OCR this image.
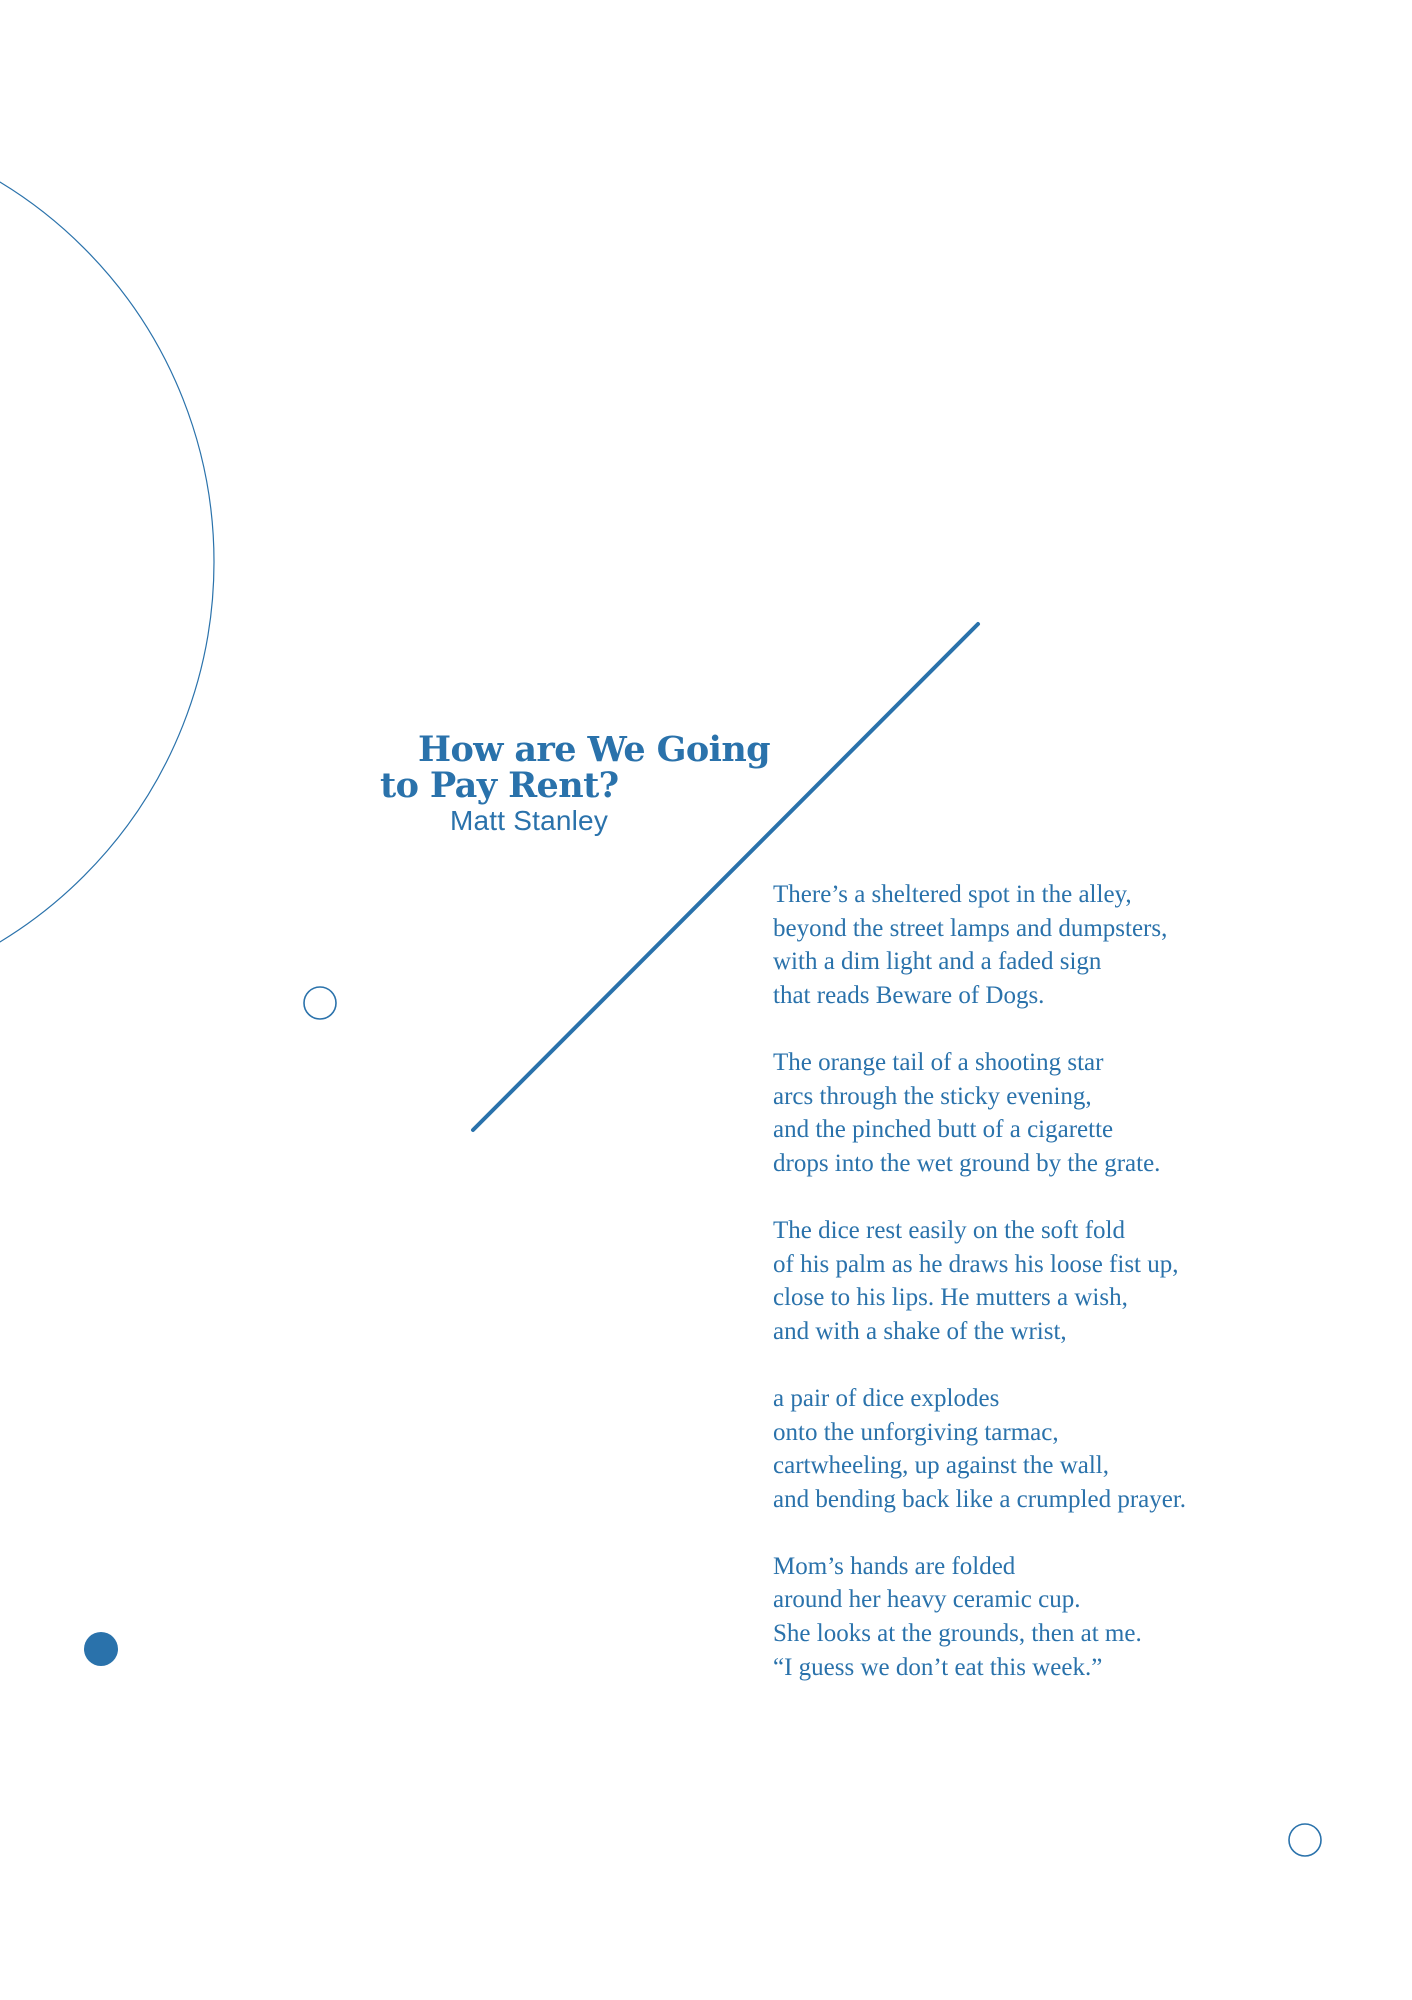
How are We Going
to Pay Rent?
Matt Stanley
There’s a sheltered spot in the alley,
beyond the street lamps and dumpsters,
with a dim light and a faded sign
that reads Beware of Dogs.
The orange tail of a shooting star
arcs through the sticky evening,
and the pinched butt of a cigarette
drops into the wet ground by the grate.
The dice rest easily on the soft fold
of his palm as he draws his loose fist up,
close to his lips. He mutters a wish,
and with a shake of the wrist,
a pair of dice explodes
onto the unforgiving tarmac,
cartwheeling, up against the wall,
and bending back like a crumpled prayer.
Mom’s hands are folded
around her heavy ceramic cup.
She looks at the grounds, then at me.
“I guess we don’t eat this week.”
